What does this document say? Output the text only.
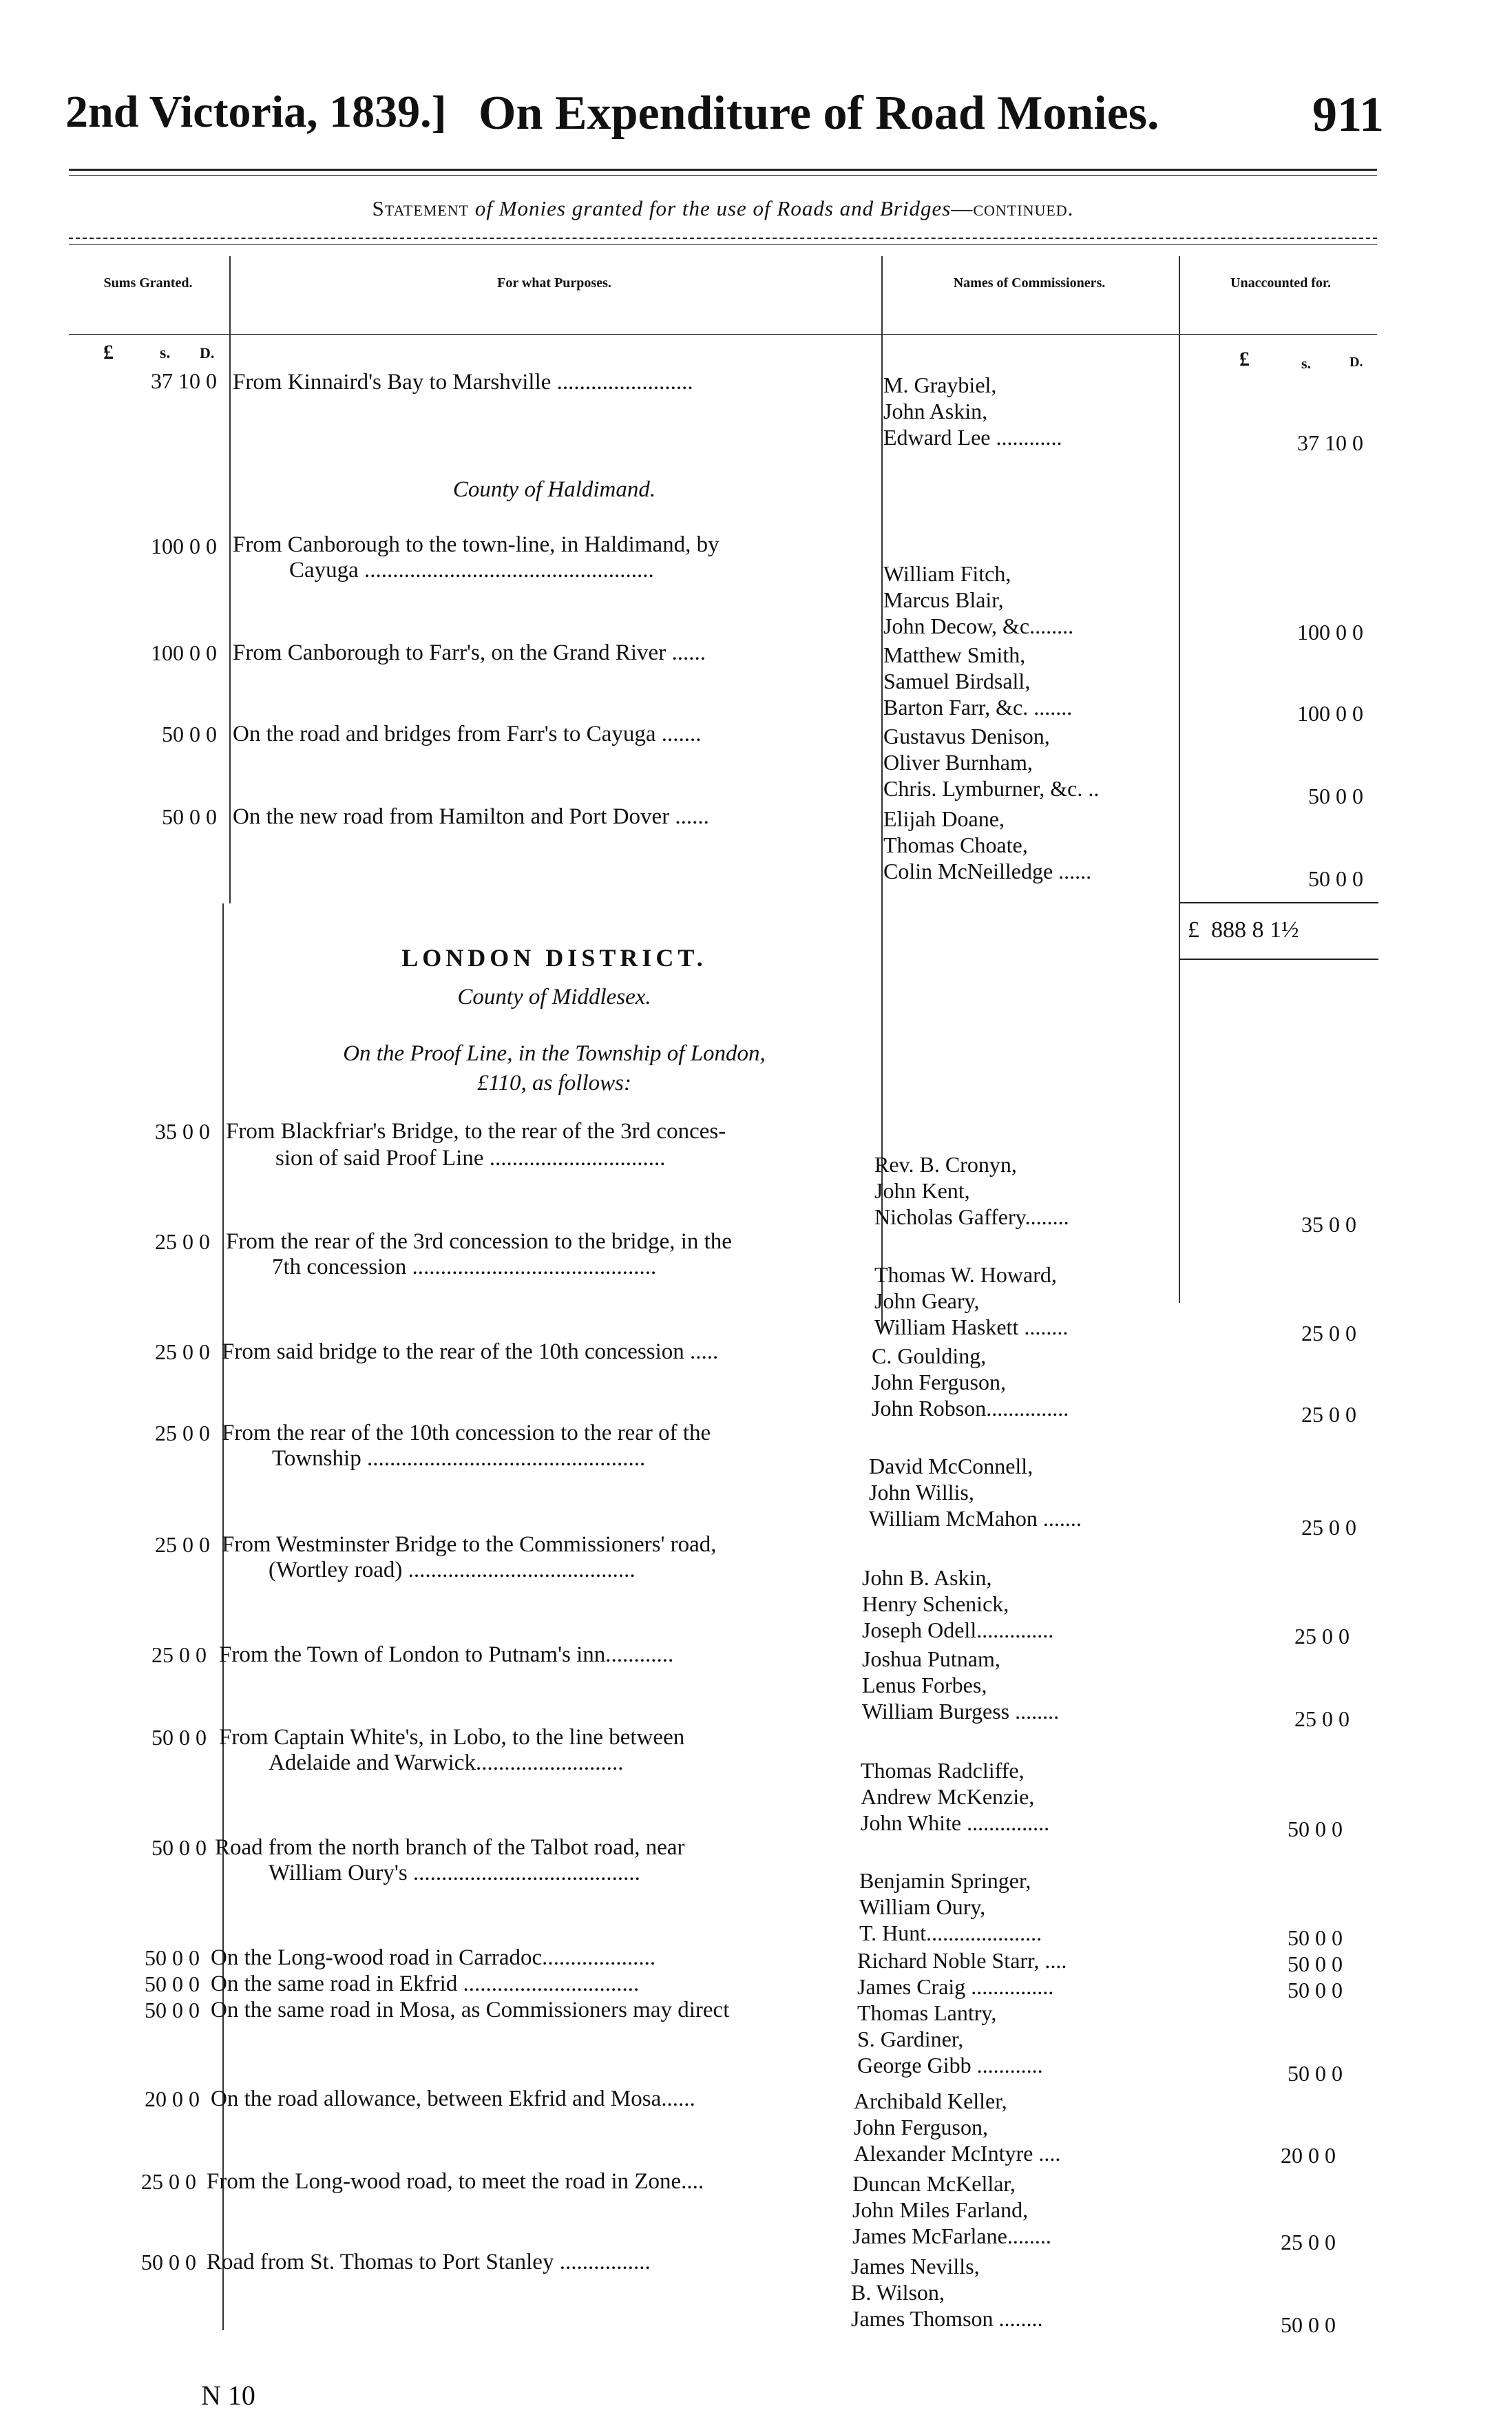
2nd Victoria, 1839.] On Expenditure of Road Monies.	911
Statement of Monies granted for the use of Roads and Bridges—continued.
Sums Granted.	For what Purposes.	Names of Commissioners.	Unaccounted for.
£	s. D.	£	s.	D.
County of Haldimand.
£ 888 8 1½
LONDON DISTRICT.
County of Middlesex.
On the Proof Line, in the Township of London,
£110, as follows:
37 10 0 From Kinnaird's Bay to Marshville ........................	M. Graybiel,
John Askin,
Edward Lee ............	37 10 0
100 0 0 From Canborough to the town-line, in Haldimand, by
Cayuga ...................................................	William Fitch,
Marcus Blair,
John Decow, &c........	100 0 0
100 0 0 From Canborough to Farr's, on the Grand River ......	Matthew Smith,
Samuel Birdsall,
Barton Farr, &c. .......	100 0 0
50 0 0 On the road and bridges from Farr's to Cayuga .......	Gustavus Denison,
Oliver Burnham,
Chris. Lymburner, &c. ..	50 0 0
50 0 0 On the new road from Hamilton and Port Dover ......	Elijah Doane,
Thomas Choate,
Colin McNeilledge ......	50 0 0
35 0 0 From Blackfriar's Bridge, to the rear of the 3rd conces-
sion of said Proof Line ...............................	Rev. B. Cronyn,
John Kent,
Nicholas Gaffery........	35 0 0
25 0 0 From the rear of the 3rd concession to the bridge, in the
7th concession ...........................................	Thomas W. Howard,
John Geary,
William Haskett ........	25 0 0
25 0 0 From said bridge to the rear of the 10th concession .....	C. Goulding,
John Ferguson,
John Robson...............	25 0 0
25 0 0 From the rear of the 10th concession to the rear of the
Township .................................................	David McConnell,
John Willis,
William McMahon .......	25 0 0
25 0 0 From Westminster Bridge to the Commissioners' road,
(Wortley road) ........................................	John B. Askin,
Henry Schenick,
Joseph Odell..............	25 0 0
25 0 0 From the Town of London to Putnam's inn............	Joshua Putnam,
Lenus Forbes,
William Burgess ........	25 0 0
50 0 0 From Captain White's, in Lobo, to the line between
Adelaide and Warwick..........................	Thomas Radcliffe,
Andrew McKenzie,
John White ...............	50 0 0
50 0 0 Road from the north branch of the Talbot road, near
William Oury's ........................................	Benjamin Springer,
William Oury,
T. Hunt.....................	50 0 0
50 0 0 On the Long-wood road in Carradoc....................	Richard Noble Starr, ....	50 0 0
50 0 0 On the same road in Ekfrid ...............................	James Craig ...............	50 0 0
50 0 0 On the same road in Mosa, as Commissioners may direct	Thomas Lantry,
S. Gardiner,
George Gibb ............	50 0 0
20 0 0 On the road allowance, between Ekfrid and Mosa......	Archibald Keller,
John Ferguson,
Alexander McIntyre ....	20 0 0
25 0 0 From the Long-wood road, to meet the road in Zone....	Duncan McKellar,
John Miles Farland,
James McFarlane........	25 0 0
50 0 0 Road from St. Thomas to Port Stanley ................	James Nevills,
B. Wilson,
James Thomson ........	50 0 0
N 10
